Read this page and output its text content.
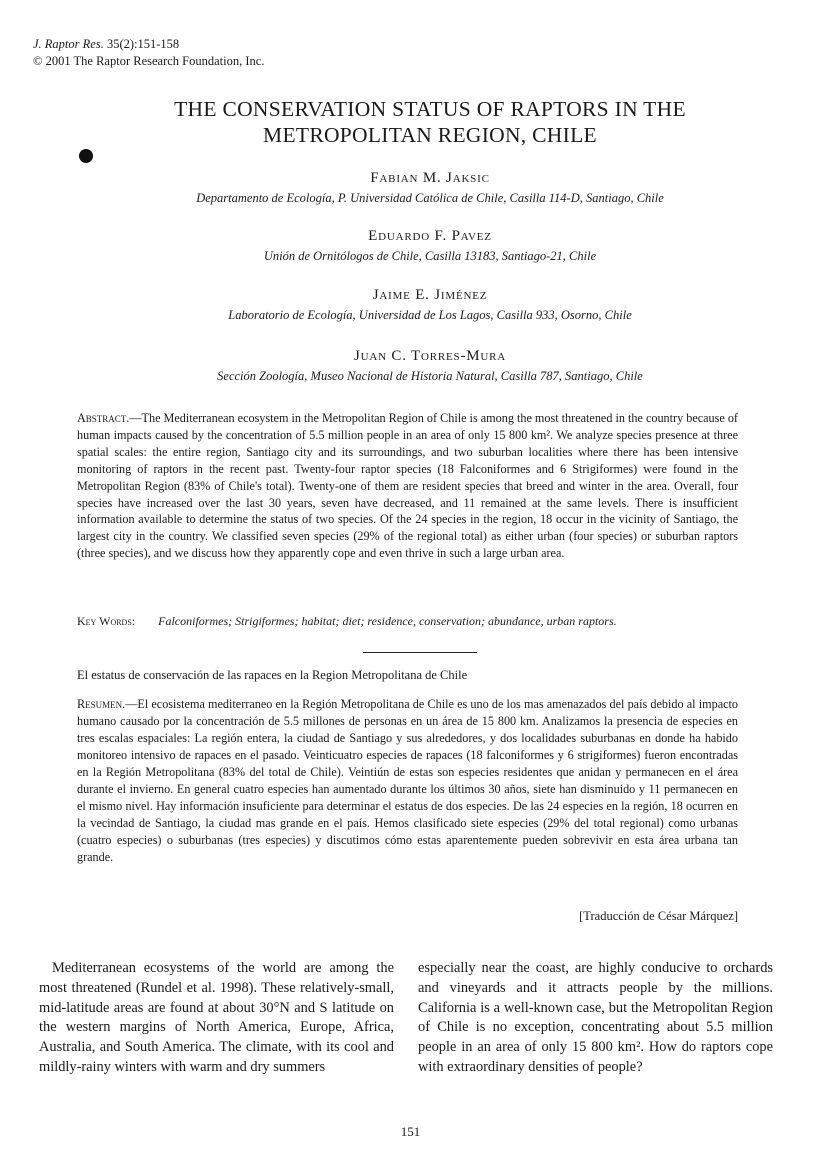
J. Raptor Res. 35(2):151-158
© 2001 The Raptor Research Foundation, Inc.
THE CONSERVATION STATUS OF RAPTORS IN THE
METROPOLITAN REGION, CHILE
Fabian M. Jaksic
Departamento de Ecología, P. Universidad Católica de Chile, Casilla 114-D, Santiago, Chile
Eduardo F. Pavez
Unión de Ornitólogos de Chile, Casilla 13183, Santiago-21, Chile
Jaime E. Jiménez
Laboratorio de Ecología, Universidad de Los Lagos, Casilla 933, Osorno, Chile
Juan C. Torres-Mura
Sección Zoología, Museo Nacional de Historia Natural, Casilla 787, Santiago, Chile
Abstract.—The Mediterranean ecosystem in the Metropolitan Region of Chile is among the most threatened in the country because of human impacts caused by the concentration of 5.5 million people in an area of only 15 800 km². We analyze species presence at three spatial scales: the entire region, Santiago city and its surroundings, and two suburban localities where there has been intensive monitoring of raptors in the recent past. Twenty-four raptor species (18 Falconiformes and 6 Strigiformes) were found in the Metropolitan Region (83% of Chile's total). Twenty-one of them are resident species that breed and winter in the area. Overall, four species have increased over the last 30 years, seven have decreased, and 11 remained at the same levels. There is insufficient information available to determine the status of two species. Of the 24 species in the region, 18 occur in the vicinity of Santiago, the largest city in the country. We classified seven species (29% of the regional total) as either urban (four species) or suburban raptors (three species), and we discuss how they apparently cope and even thrive in such a large urban area.
Key Words: Falconiformes; Strigiformes; habitat; diet; residence, conservation; abundance, urban raptors.
El estatus de conservación de las rapaces en la Region Metropolitana de Chile
Resumen.—El ecosistema mediterraneo en la Región Metropolitana de Chile es uno de los mas amenazados del país debido al impacto humano causado por la concentración de 5.5 millones de personas en un área de 15 800 km. Analizamos la presencia de especies en tres escalas espaciales: La región entera, la ciudad de Santiago y sus alrededores, y dos localidades suburbanas en donde ha habido monitoreo intensivo de rapaces en el pasado. Veinticuatro especies de rapaces (18 falconiformes y 6 strigiformes) fueron encontradas en la Región Metropolitana (83% del total de Chile). Veintiún de estas son especies residentes que anidan y permanecen en el área durante el invierno. En general cuatro especies han aumentado durante los últimos 30 años, siete han disminuido y 11 permanecen en el mismo nivel. Hay información insuficiente para determinar el estatus de dos especies. De las 24 especies en la región, 18 ocurren en la vecindad de Santiago, la ciudad mas grande en el país. Hemos clasificado siete especies (29% del total regional) como urbanas (cuatro especies) o suburbanas (tres especies) y discutimos cómo estas aparentemente pueden sobrevivir en esta área urbana tan grande.
[Traducción de César Márquez]
Mediterranean ecosystems of the world are among the most threatened (Rundel et al. 1998). These relatively-small, mid-latitude areas are found at about 30°N and S latitude on the western margins of North America, Europe, Africa, Australia, and South America. The climate, with its cool and mildly-rainy winters with warm and dry summers
especially near the coast, are highly conducive to orchards and vineyards and it attracts people by the millions. California is a well-known case, but the Metropolitan Region of Chile is no exception, concentrating about 5.5 million people in an area of only 15 800 km². How do raptors cope with extraordinary densities of people?
151
